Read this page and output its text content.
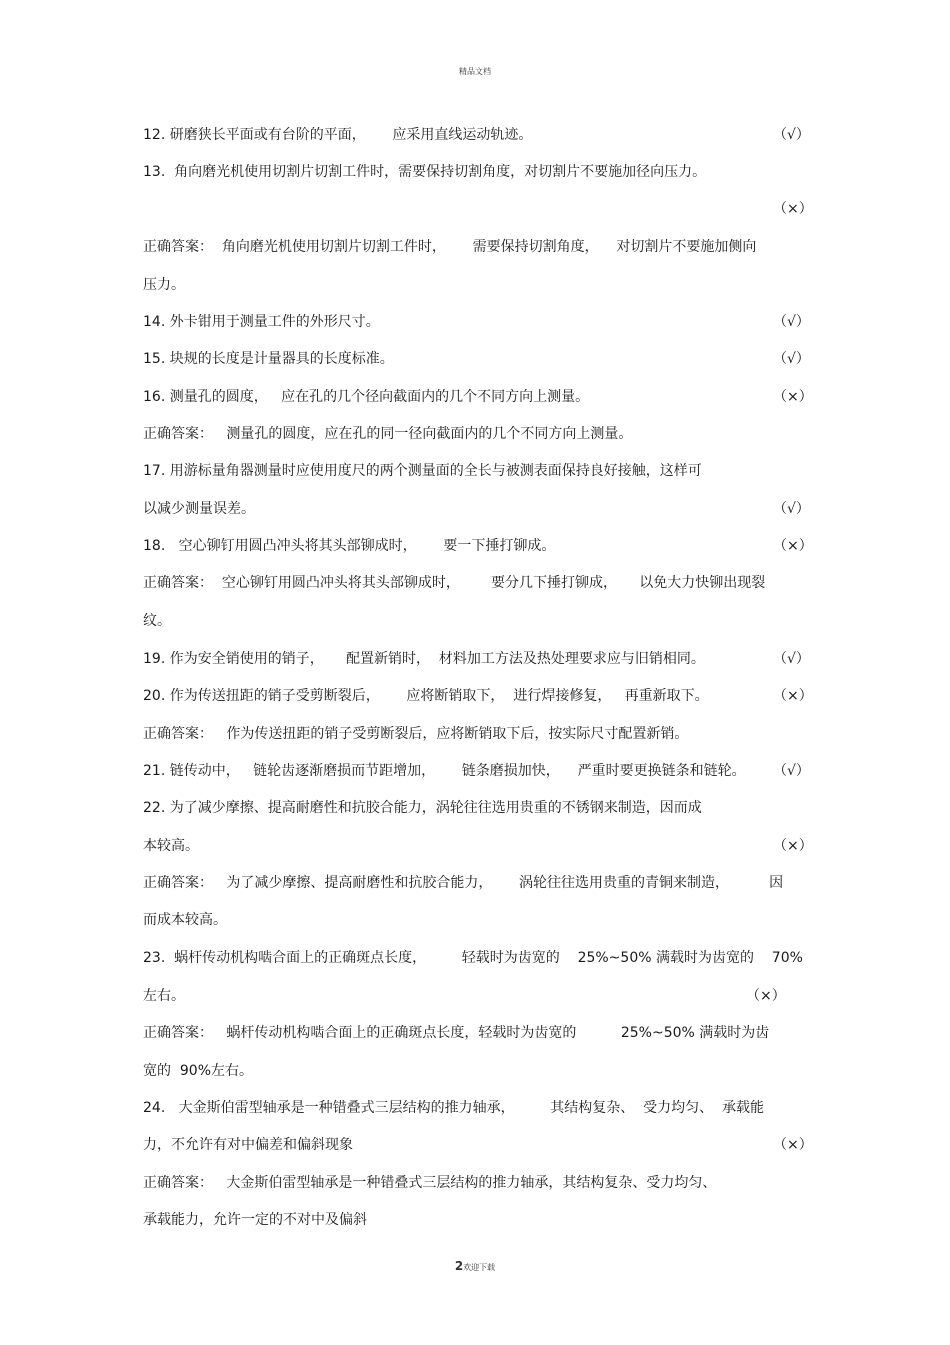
精品文档
12. 研磨狭长平面或有台阶的平面，      应采用直线运动轨迹。
13.  角向磨光机使用切割片切割工件时，需要保持切割角度，对切割片不要施加径向压力。
正确答案：  角向磨光机使用切割片切割工件时，      需要保持切割角度，    对切割片不要施加侧向
压力。
14. 外卡钳用于测量工件的外形尺寸。
15. 块规的长度是计量器具的长度标准。
16. 测量孔的圆度，   应在孔的几个径向截面内的几个不同方向上测量。
正确答案：   测量孔的圆度，应在孔的同一径向截面内的几个不同方向上测量。
17. 用游标量角器测量时应使用度尺的两个测量面的全长与被测表面保持良好接触，这样可
以减少测量误差。
18.   空心铆钉用圆凸冲头将其头部铆成时，      要一下捶打铆成。
正确答案：  空心铆钉用圆凸冲头将其头部铆成时，       要分几下捶打铆成，     以免大力快铆出现裂
纹。
19. 作为安全销使用的销子，     配置新销时，  材料加工方法及热处理要求应与旧销相同。
20. 作为传送扭距的销子受剪断裂后，      应将断销取下，  进行焊接修复，   再重新取下。
正确答案：   作为传送扭距的销子受剪断裂后，应将断销取下后，按实际尺寸配置新销。
21. 链传动中，   链轮齿逐渐磨损而节距增加，      链条磨损加快，    严重时要更换链条和链轮。
22. 为了减少摩擦、提高耐磨性和抗胶合能力，涡轮往往选用贵重的不锈钢来制造，因而成
本较高。
正确答案：   为了减少摩擦、提高耐磨性和抗胶合能力，      涡轮往往选用贵重的青铜来制造，         因
而成本较高。
23.  蜗杆传动机构啮合面上的正确斑点长度，        轻载时为齿宽的    25%~50% 满载时为齿宽的    70%
左右。
正确答案：   蜗杆传动机构啮合面上的正确斑点长度，轻载时为齿宽的          25%~50% 满载时为齿
宽的  90%左右。
24.   大金斯伯雷型轴承是一种错叠式三层结构的推力轴承，        其结构复杂、  受力均匀、  承载能
力，不允许有对中偏差和偏斜现象
正确答案：   大金斯伯雷型轴承是一种错叠式三层结构的推力轴承，其结构复杂、受力均匀、
承载能力，允许一定的不对中及偏斜
（√）
（×）
（√）
（√）
（×）
（√）
（×）
（√）
（×）
（√）
（×）
（×）
（×）
2欢迎下载
